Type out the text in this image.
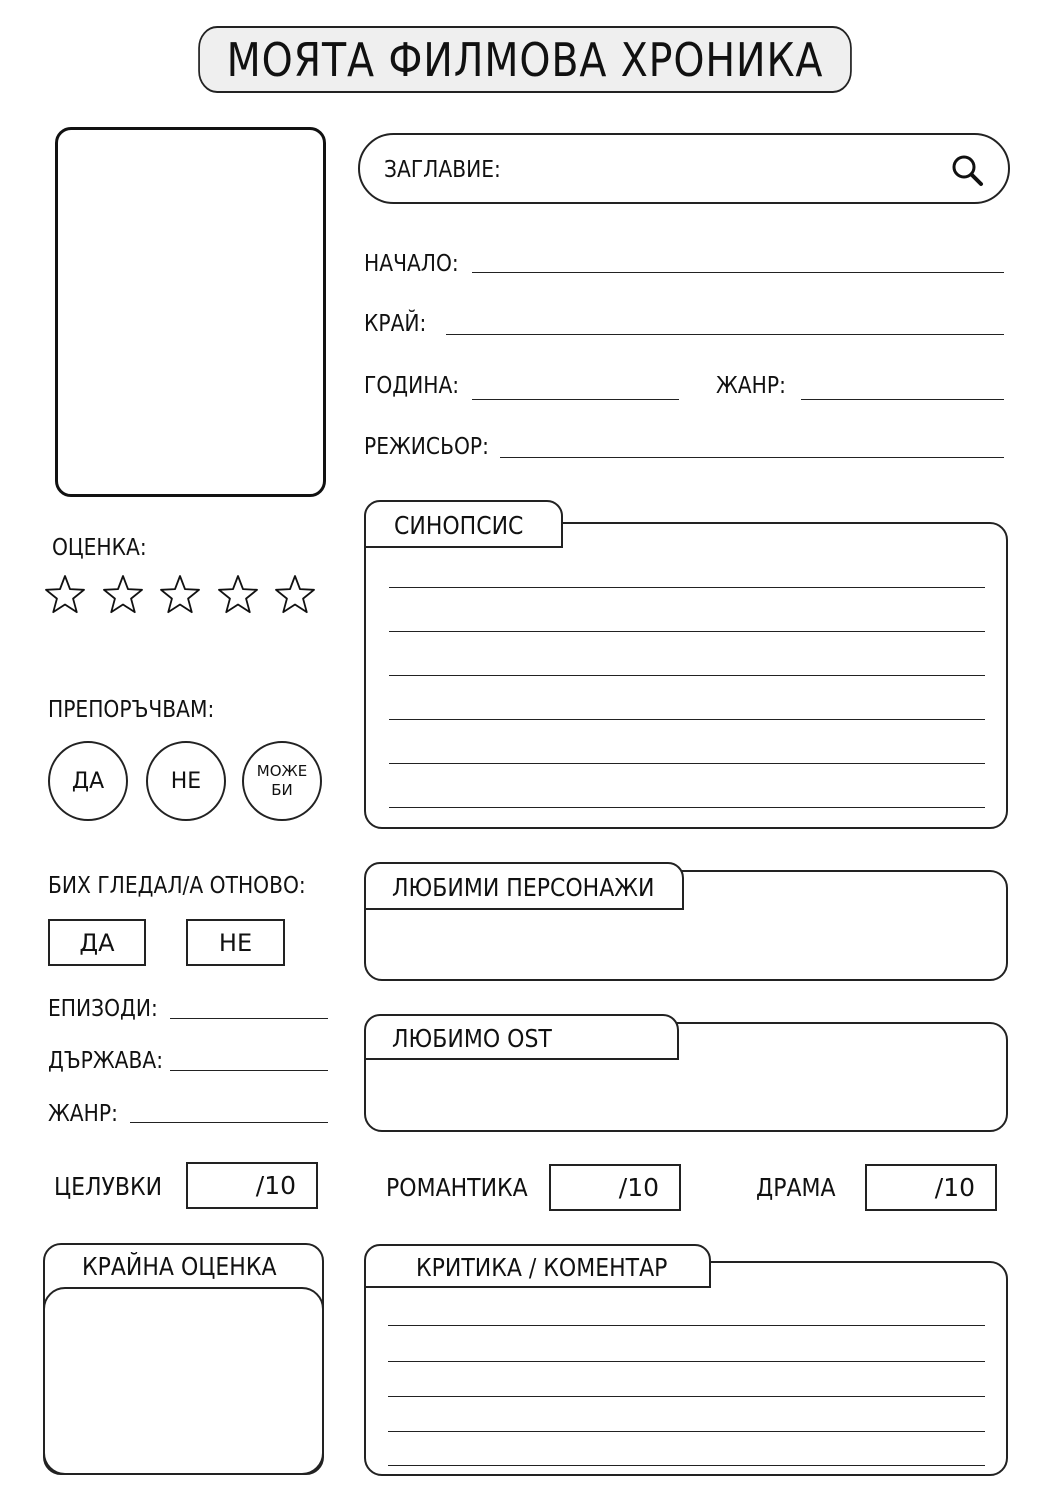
МОЯТА ФИЛМОВА ХРОНИКА
ЗАГЛАВИЕ:
НАЧАЛО:
КРАЙ:
ГОДИНА:	ЖАНР:
РЕЖИСЬОР:
ОЦЕНКА:
ПРЕПОРЪЧВАМ:
ДА	НЕ	МОЖЕ
БИ
БИХ ГЛЕДАЛ/А ОТНОВО:
ДА	НЕ
ЕПИЗОДИ:
ДЪРЖАВА:
ЖАНР:
СИНОПСИС
ЛЮБИМИ ПЕРСОНАЖИ
ЛЮБИМО OST
ЦЕЛУВКИ	/10	РОМАНТИКА	/10	ДРАМА	/10
КРАЙНА ОЦЕНКА	КРИТИКА / КОМЕНТАР
